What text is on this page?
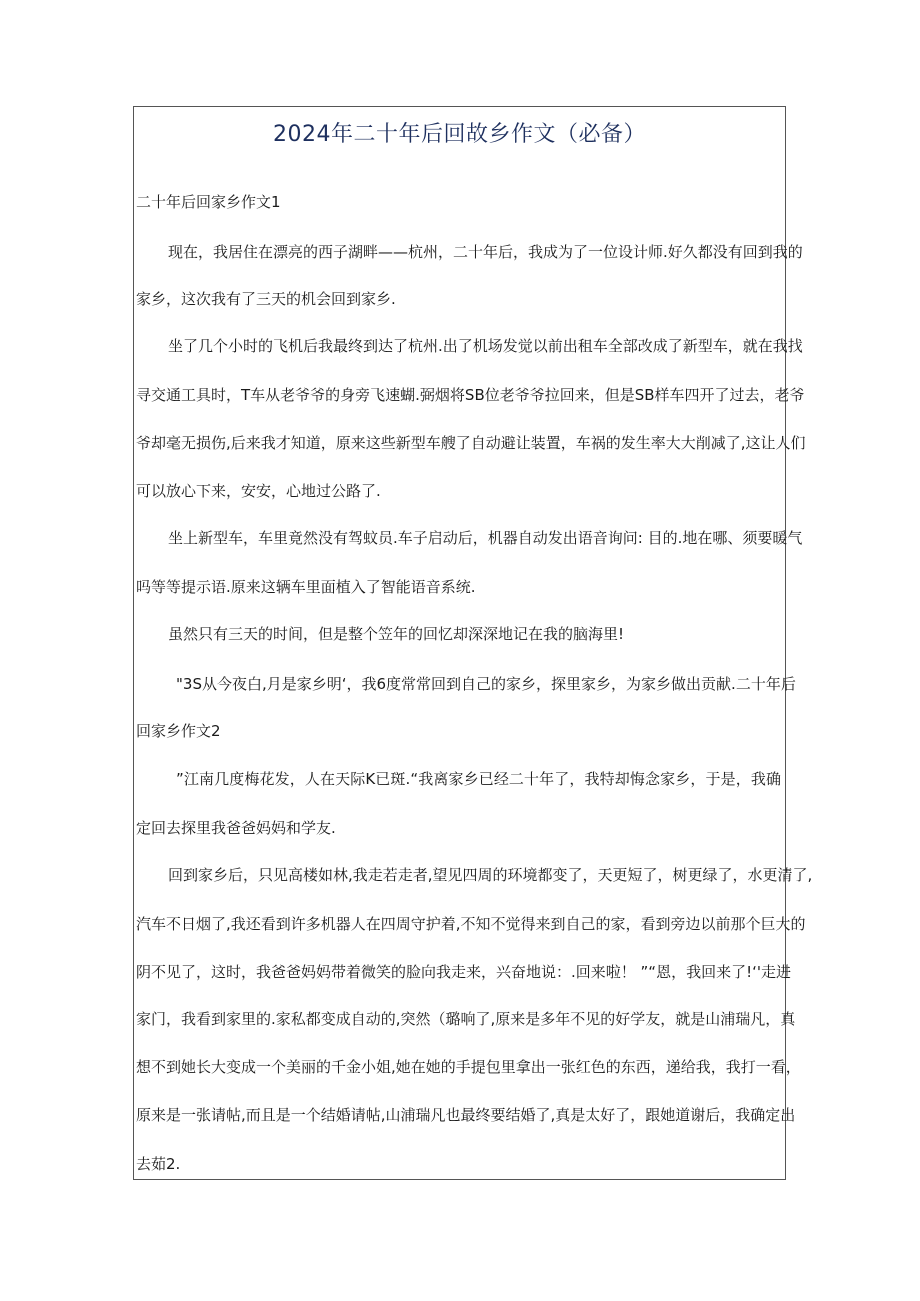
2024年二十年后回故乡作文（必备）
二十年后回家乡作文1
现在，我居住在漂亮的西子湖畔——杭州，二十年后，我成为了一位设计师.好久都没有回到我的
家乡，这次我有了三天的机会回到家乡.
坐了几个小时的飞机后我最终到达了杭州.出了机场发觉以前出租车全部改成了新型车，就在我找
寻交通工具时，T车从老爷爷的身旁飞速蝴.弼烟将SB位老爷爷拉回来，但是SB样车四开了过去，老爷
爷却毫无损伤,后来我才知道，原来这些新型车艘了自动避让装置，车祸的发生率大大削减了,这让人们
可以放心下来，安安，心地过公路了.
坐上新型车，车里竟然没有驾蚊员.车子启动后，机器自动发出语音询问: 目的.地在哪、须要暖气
吗等等提示语.原来这辆车里面植入了智能语音系统.
虽然只有三天的时间，但是整个笠年的回忆却深深地记在我的脑海里!
"3S从今夜白,月是家乡明‘，我6度常常回到自己的家乡，探里家乡，为家乡做出贡献.二十年后
回家乡作文2
”江南几度梅花发，人在天际K已斑.“我离家乡已经二十年了，我特却悔念家乡，于是，我确
定回去探里我爸爸妈妈和学友.
回到家乡后，只见高楼如林,我走若走者,望见四周的环境都变了，天更短了，树更绿了，水更清了,
汽车不日烟了,我还看到许多机器人在四周守护着,不知不觉得来到自己的家，看到旁边以前那个巨大的
阴不见了，这时，我爸爸妈妈带着微笑的脸向我走来，兴奋地说：.回来啦！ ”“恩，我回来了!‘'走进
家门，我看到家里的.家私都变成自动的,突然（璐响了,原来是多年不见的好学友，就是山浦瑞凡，真
想不到她长大变成一个美丽的千金小姐,她在她的手提包里拿出一张红色的东西，递给我，我打一看，
原来是一张请帖,而且是一个结婚请帖,山浦瑞凡也最终要结婚了,真是太好了，跟她道谢后，我确定出
去茹2.
